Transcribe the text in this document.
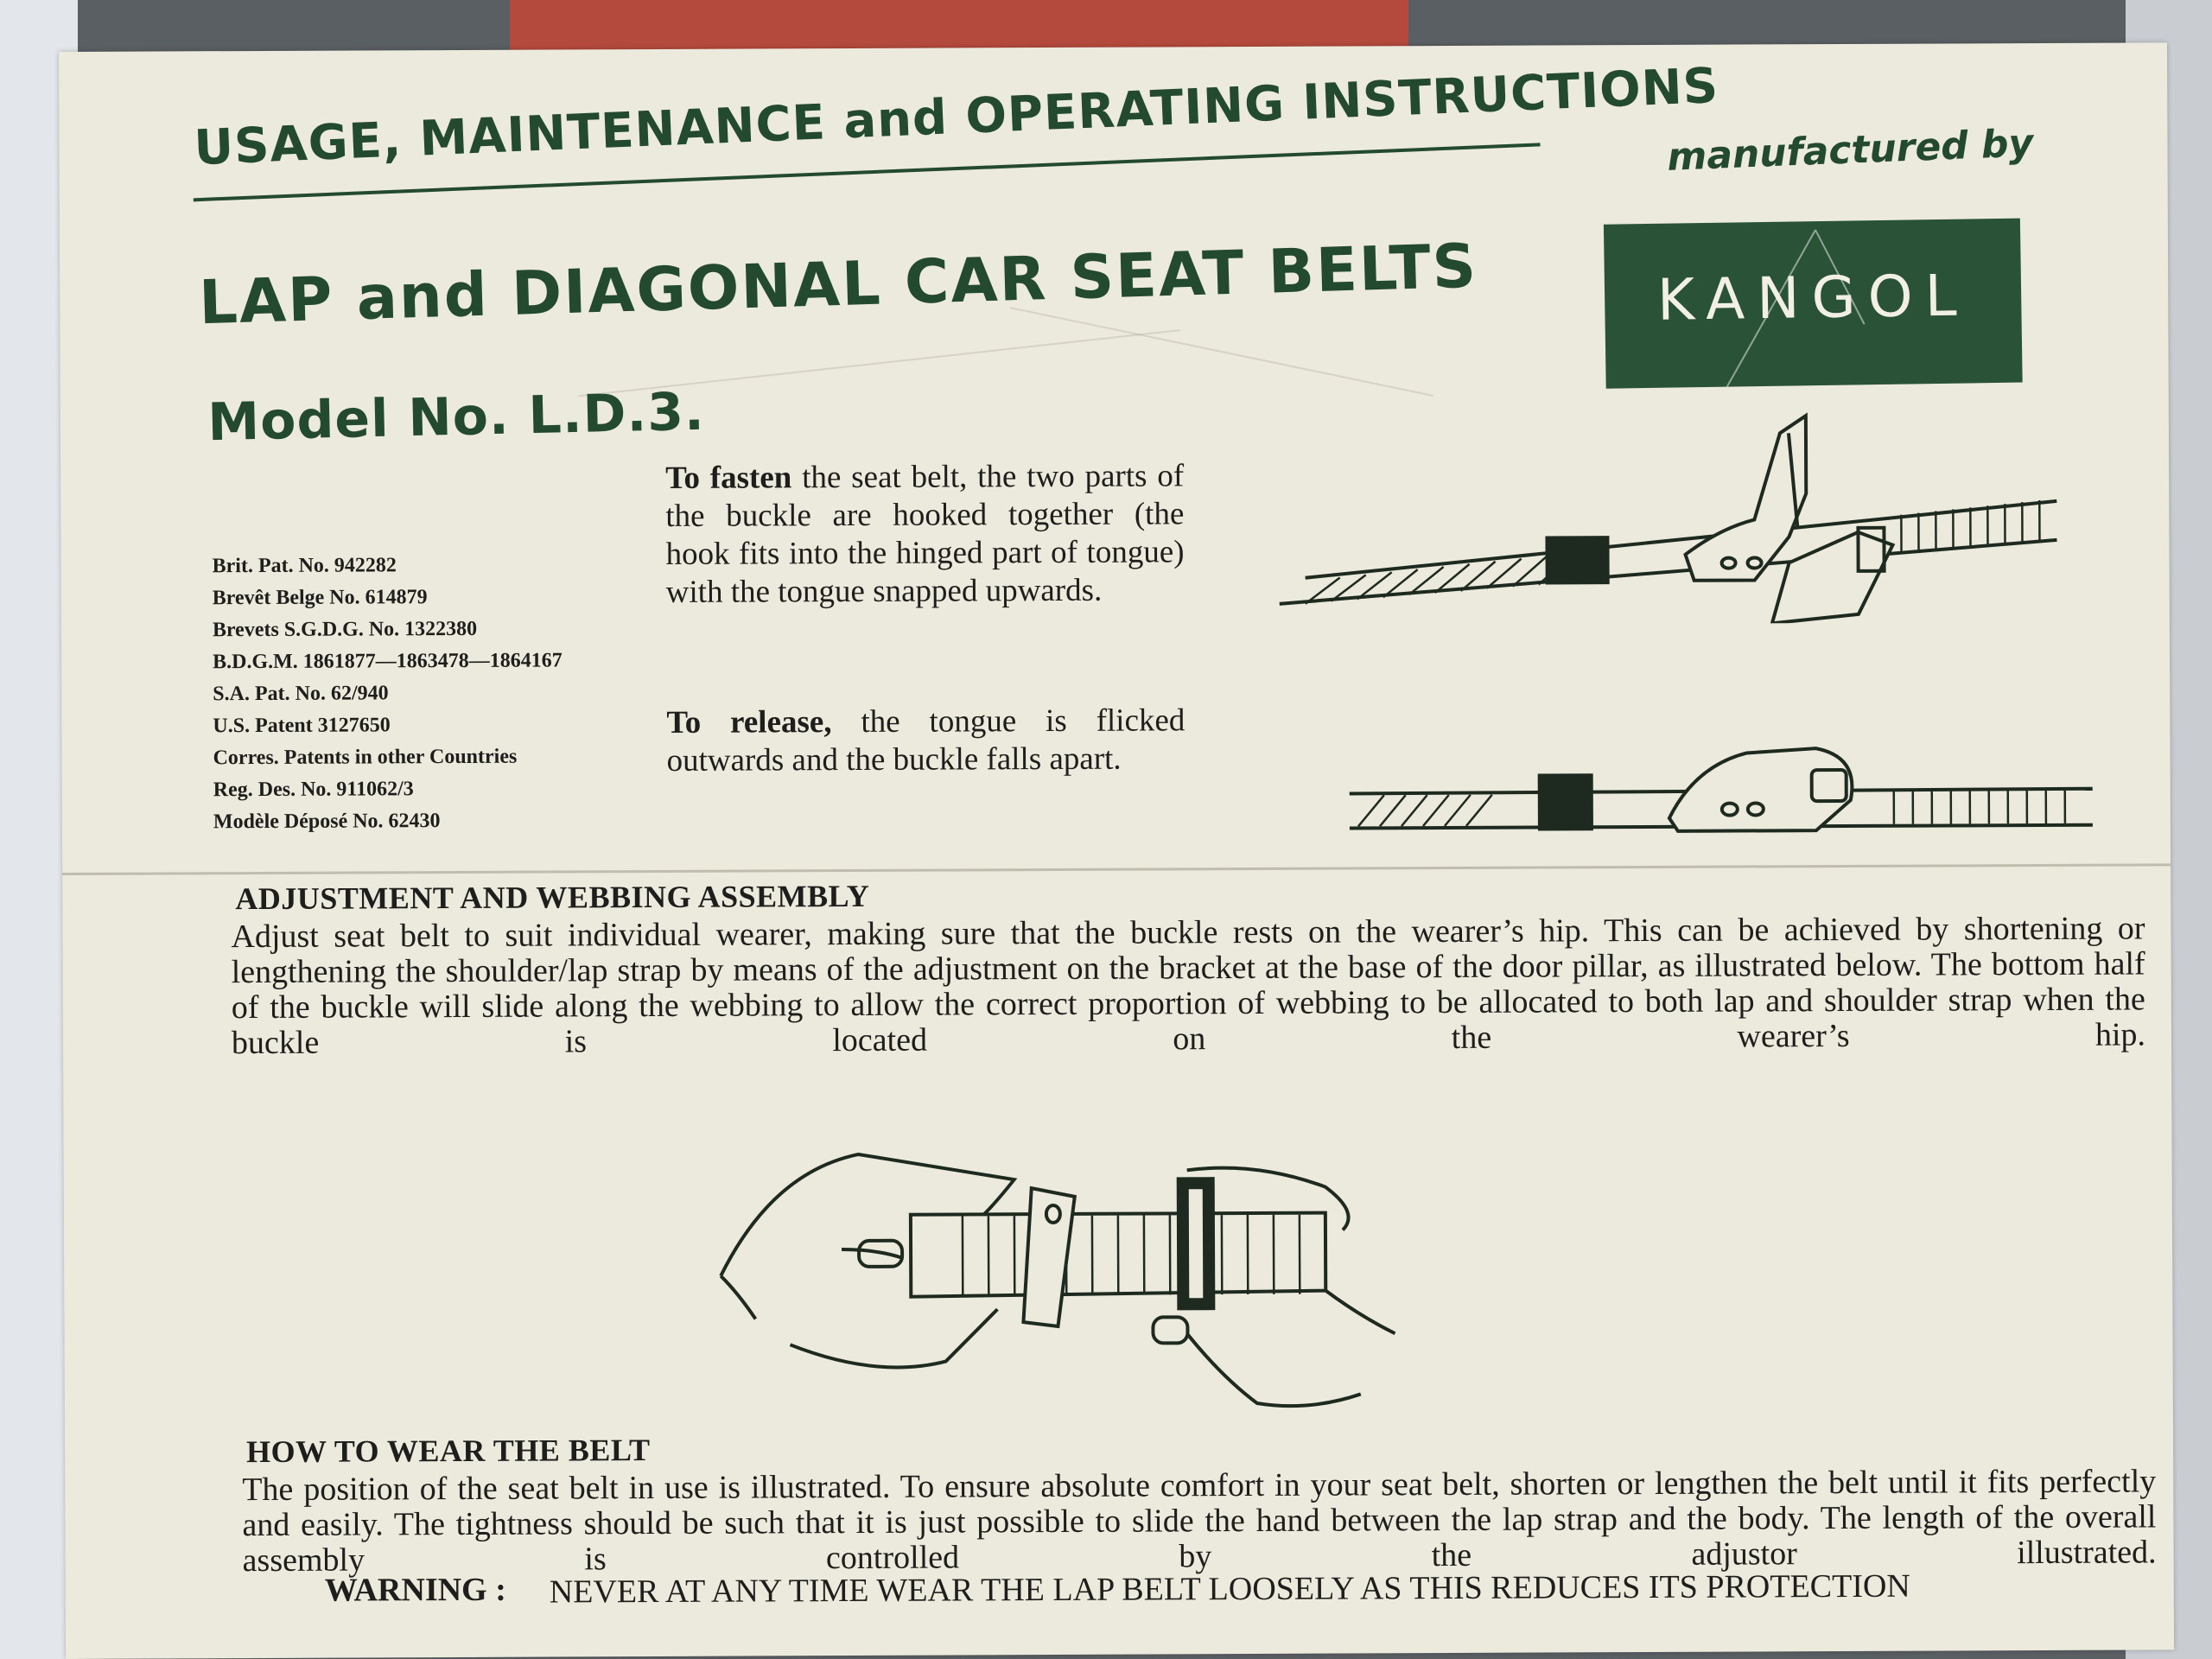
USAGE, MAINTENANCE and OPERATING INSTRUCTIONS
LAP and DIAGONAL CAR SEAT BELTS
Model No. L.D.3.
manufactured by
KANGOL
Brit. Pat. No. 942282
Brevêt Belge No. 614879
Brevets S.G.D.G. No. 1322380
B.D.G.M. 1861877—1863478—1864167
S.A. Pat. No. 62/940
U.S. Patent 3127650
Corres. Patents in other Countries
Reg. Des. No. 911062/3
Modèle Déposé No. 62430
To fasten the seat belt, the two parts of the buckle are hooked together (the hook fits into the hinged part of tongue) with the tongue snapped upwards.
To release, the tongue is flicked outwards and the buckle falls apart.
ADJUSTMENT AND WEBBING ASSEMBLY
Adjust seat belt to suit individual wearer, making sure that the buckle rests on the wearer’s hip. This can be achieved by shortening or lengthening the shoulder/lap strap by means of the adjustment on the bracket at the base of the door pillar, as illustrated below. The bottom half of the buckle will slide along the webbing to allow the correct proportion of webbing to be allocated to both lap and shoulder strap when the buckle is located on the wearer’s hip.
HOW TO WEAR THE BELT
The position of the seat belt in use is illustrated. To ensure absolute comfort in your seat belt, shorten or lengthen the belt until it fits perfectly and easily. The tightness should be such that it is just possible to slide the hand between the lap strap and the body. The length of the overall assembly is controlled by the adjustor illustrated.
WARNING : NEVER AT ANY TIME WEAR THE LAP BELT LOOSELY AS THIS REDUCES ITS PROTECTION
